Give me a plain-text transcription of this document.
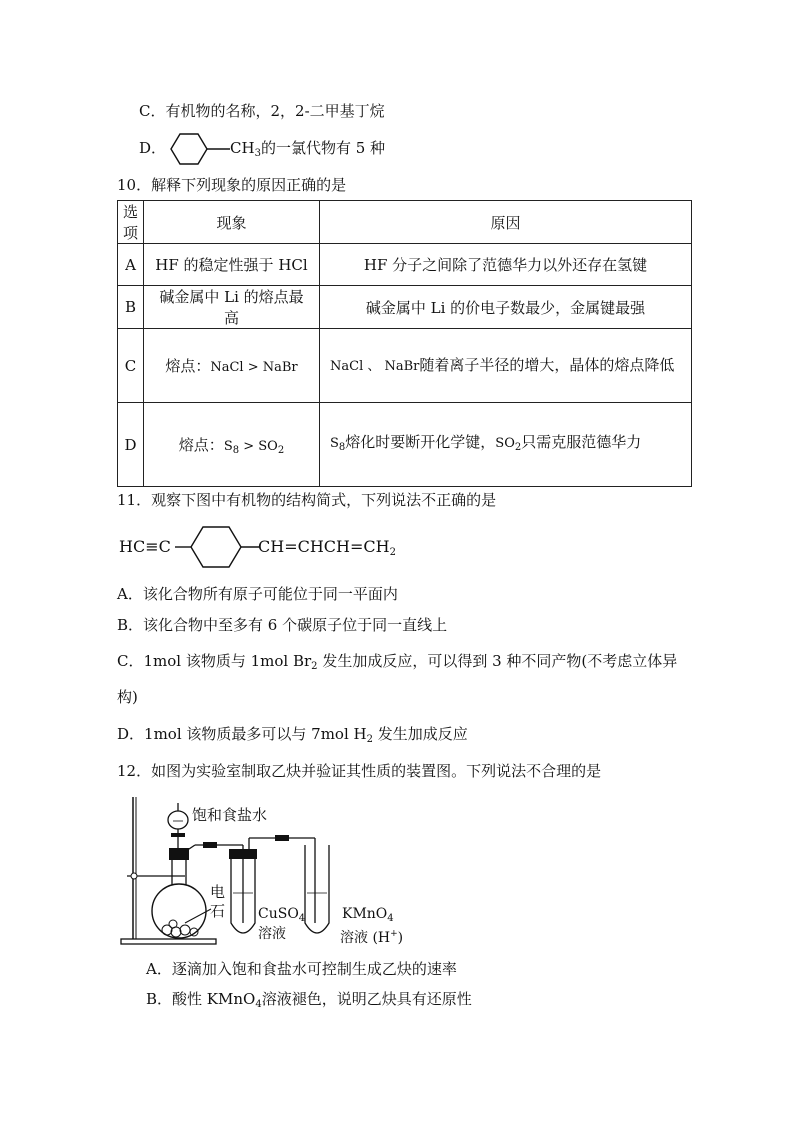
C．有机物的名称，2，2-二甲基丁烷
D．	$CH_3$的一氯代物有 5 种
10．解释下列现象的原因正确的是
选项	现象	原因
A	HF 的稳定性强于 HCl	HF 分子之间除了范德华力以外还存在氢键
B	碱金属中 Li 的熔点最高	碱金属中 Li 的价电子数最少，金属键最强
C	熔点：NaCl > NaBr	NaCl 、 NaBr随着离子半径的增大，晶体的熔点降低
D	熔点：$S_8 > SO_2$	$S_8$熔化时要断开化学键，$SO_2$只需克服范德华力
11．观察下图中有机物的结构简式，下列说法不正确的是
HC≡C	$CH=CHCH=CH_2$
A．该化合物所有原子可能位于同一平面内
B．该化合物中至多有 6 个碳原子位于同一直线上
C．1mol 该物质与 1mol $Br_2$ 发生加成反应，可以得到 3 种不同产物(不考虑立体异
构)
D．1mol 该物质最多可以与 7mol $H_2$ 发生加成反应
12．如图为实验室制取乙炔并验证其性质的装置图。下列说法不合理的是
饱和食盐水
电
石 CuSO$_4$
溶液
KMnO$_4$
溶液 (H+)
A．逐滴加入饱和食盐水可控制生成乙炔的速率
B．酸性 KMnO$_4$溶液褪色，说明乙炔具有还原性
